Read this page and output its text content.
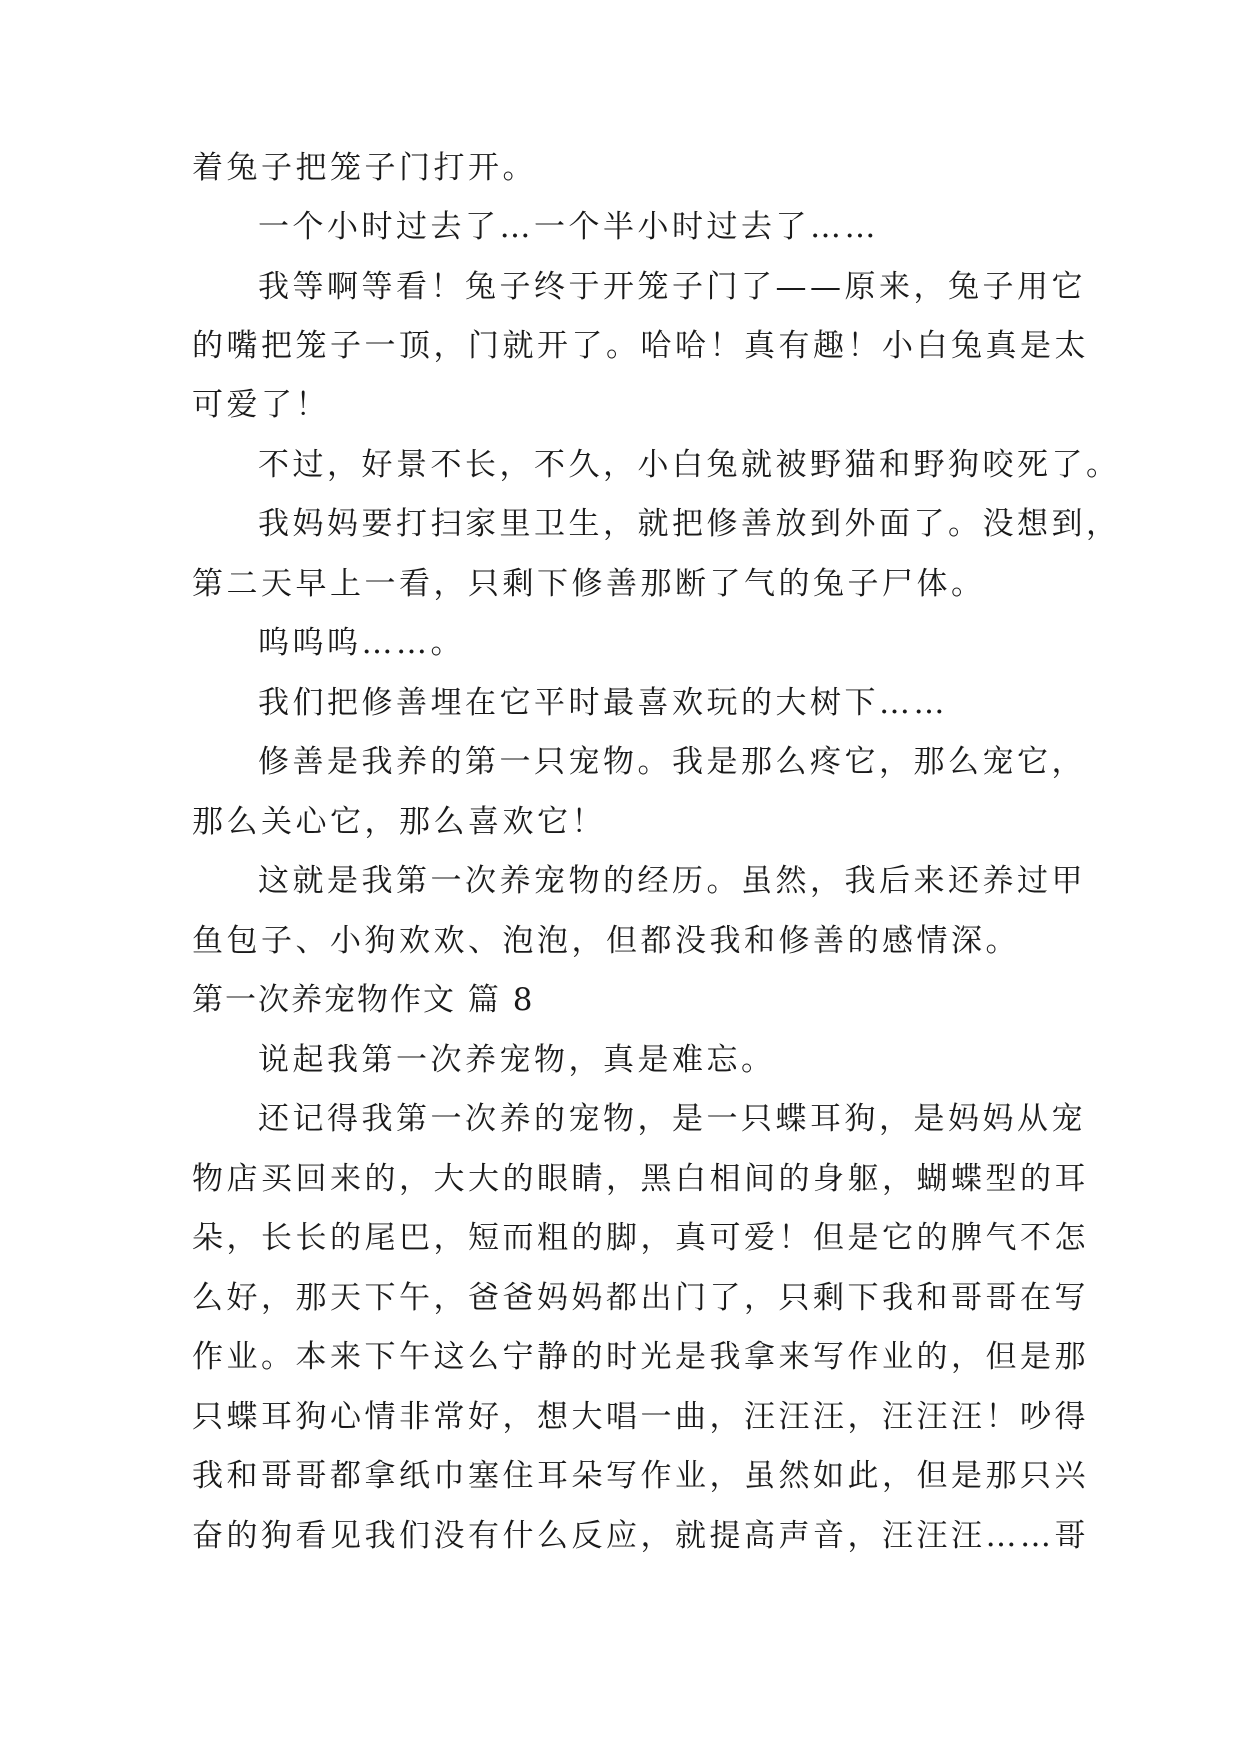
着兔子把笼子门打开。
一个小时过去了…一个半小时过去了……
我等啊等看！兔子终于开笼子门了——原来，兔子用它
的嘴把笼子一顶，门就开了。哈哈！真有趣！小白兔真是太
可爱了！
不过，好景不长，不久，小白兔就被野猫和野狗咬死了。
我妈妈要打扫家里卫生，就把修善放到外面了。没想到，
第二天早上一看，只剩下修善那断了气的兔子尸体。
呜呜呜……。
我们把修善埋在它平时最喜欢玩的大树下……
修善是我养的第一只宠物。我是那么疼它，那么宠它，
那么关心它，那么喜欢它！
这就是我第一次养宠物的经历。虽然，我后来还养过甲
鱼包子、小狗欢欢、泡泡，但都没我和修善的感情深。
第一次养宠物作文 篇 8
说起我第一次养宠物，真是难忘。
还记得我第一次养的宠物，是一只蝶耳狗，是妈妈从宠
物店买回来的，大大的眼睛，黑白相间的身躯，蝴蝶型的耳
朵，长长的尾巴，短而粗的脚，真可爱！但是它的脾气不怎
么好，那天下午，爸爸妈妈都出门了，只剩下我和哥哥在写
作业。本来下午这么宁静的时光是我拿来写作业的，但是那
只蝶耳狗心情非常好，想大唱一曲，汪汪汪，汪汪汪！吵得
我和哥哥都拿纸巾塞住耳朵写作业，虽然如此，但是那只兴
奋的狗看见我们没有什么反应，就提高声音，汪汪汪……哥
